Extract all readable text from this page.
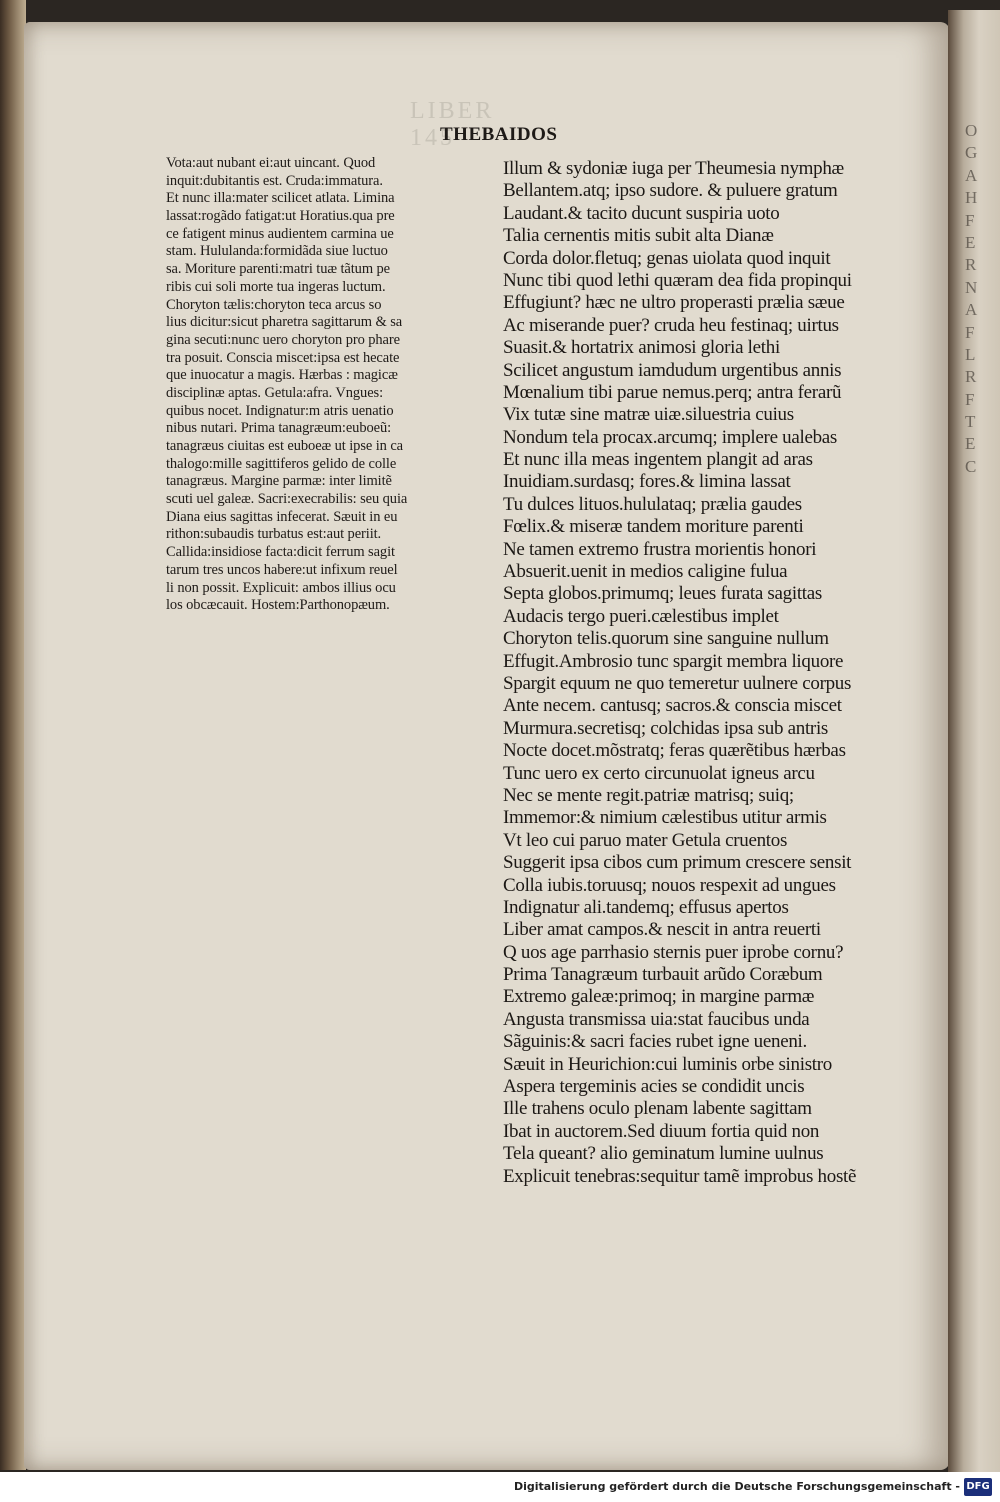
O
G
A
H
F
E
R
N
A
F
L
R
F
T
E
C
LIBER   145
THEBAIDOS
Vota:aut nubant ei:aut uincant. Quod
inquit:dubitantis est. Cruda:immatura.
Et nunc illa:mater scilicet atlata. Limina
lassat:rogãdo fatigat:ut Horatius.qua pre
ce fatigent minus audientem carmina ue
stam. Hululanda:formidãda siue luctuo
sa. Moriture parenti:matri tuæ tãtum pe
ribis cui soli morte tua ingeras luctum.
Choryton tælis:choryton teca arcus so
lius dicitur:sicut pharetra sagittarum & sa
gina secuti:nunc uero choryton pro phare
tra posuit. Conscia miscet:ipsa est hecate
que inuocatur a magis. Hærbas : magicæ
disciplinæ aptas. Getula:afra. Vngues:
quibus nocet. Indignatur:m atris uenatio
nibus nutari. Prima tanagræum:euboeũ:
tanagræus ciuitas est euboeæ ut ipse in ca
thalogo:mille sagittiferos gelido de colle
tanagræus. Margine parmæ: inter limitẽ
scuti uel galeæ. Sacri:execrabilis: seu quia
Diana eius sagittas infecerat. Sæuit in eu
rithon:subaudis turbatus est:aut periit.
Callida:insidiose facta:dicit ferrum sagit
tarum tres uncos habere:ut infixum reuel
li non possit. Explicuit: ambos illius ocu
los obcæcauit. Hostem:Parthonopæum.
Illum & sydoniæ iuga per Theumesia nymphæ
Bellantem.atq; ipso sudore. & puluere gratum
Laudant.& tacito ducunt suspiria uoto
Talia cernentis mitis subit alta Dianæ
Corda dolor.fletuq; genas uiolata quod inquit
Nunc tibi quod lethi quæram dea fida propinqui
Effugiunt? hæc ne ultro properasti prælia sæue
Ac miserande puer? cruda heu festinaq; uirtus
Suasit.& hortatrix animosi gloria lethi
Scilicet angustum iamdudum urgentibus annis
Mœnalium tibi parue nemus.perq; antra ferarũ
Vix tutæ sine matræ uiæ.siluestria cuius
Nondum tela procax.arcumq; implere ualebas
Et nunc illa meas ingentem plangit ad aras
Inuidiam.surdasq; fores.& limina lassat
Tu dulces lituos.hululataq; prælia gaudes
Fœlix.& miseræ tandem moriture parenti
Ne tamen extremo frustra morientis honori
Absuerit.uenit in medios caligine fulua
Septa globos.primumq; leues furata sagittas
Audacis tergo pueri.cælestibus implet
Choryton telis.quorum sine sanguine nullum
Effugit.Ambrosio tunc spargit membra liquore
Spargit equum ne quo temeretur uulnere corpus
Ante necem. cantusq; sacros.& conscia miscet
Murmura.secretisq; colchidas ipsa sub antris
Nocte docet.mõstratq; feras quærẽtibus hærbas
Tunc uero ex certo circunuolat igneus arcu
Nec se mente regit.patriæ matrisq; suiq;
Immemor:& nimium cælestibus utitur armis
Vt leo cui paruo mater Getula cruentos
Suggerit ipsa cibos cum primum crescere sensit
Colla iubis.toruusq; nouos respexit ad ungues
Indignatur ali.tandemq; effusus apertos
Liber amat campos.& nescit in antra reuerti
Q uos age parrhasio sternis puer iprobe cornu?
Prima Tanagræum turbauit arũdo Coræbum
Extremo galeæ:primoq; in margine parmæ
Angusta transmissa uia:stat faucibus unda
Sãguinis:& sacri facies rubet igne ueneni.
Sæuit in Heurichion:cui luminis orbe sinistro
Aspera tergeminis acies se condidit uncis
Ille trahens oculo plenam labente sagittam
Ibat in auctorem.Sed diuum fortia quid non
Tela queant? alio geminatum lumine uulnus
Explicuit tenebras:sequitur tamẽ improbus hostẽ
Digitalisierung gefördert durch die Deutsche Forschungsgemeinschaft - DFG
